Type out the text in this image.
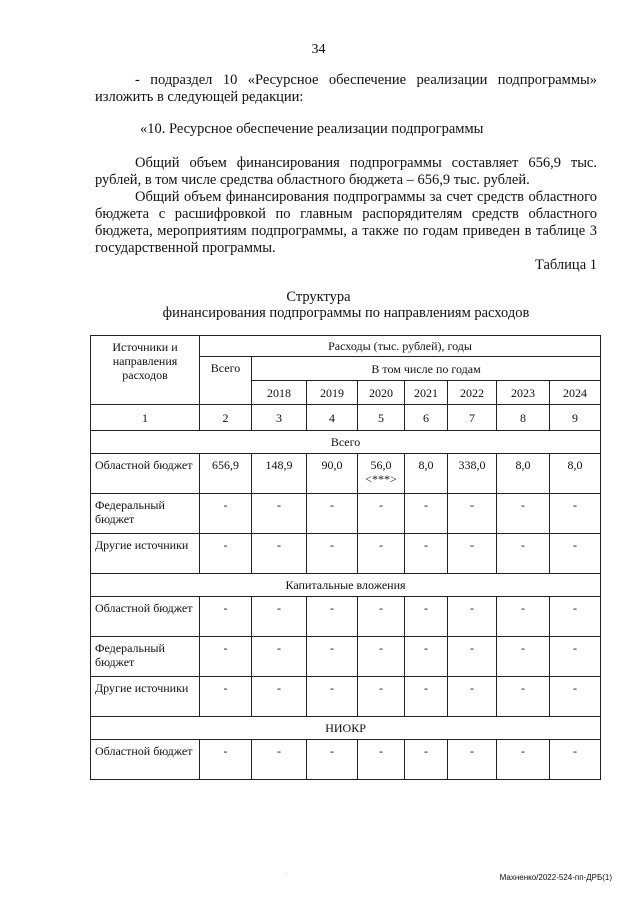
34
- подраздел 10 «Ресурсное обеспечение реализации подпрограммы» изложить в следующей редакции:
«10. Ресурсное обеспечение реализации подпрограммы
Общий объем финансирования подпрограммы составляет 656,9 тыс. рублей, в том числе средства областного бюджета – 656,9 тыс. рублей.
Общий объем финансирования подпрограммы за счет средств областного бюджета с расшифровкой по главным распорядителям средств областного бюджета, мероприятиям подпрограммы, а также по годам приведен в таблице 3 государственной программы.
Таблица 1
Структура
финансирования подпрограммы по направлениям расходов
Источники и направления расходов	Расходы (тыс. рублей), годы							
	Всего	В том числе по годам						
		2018	2019	2020	2021	2022	2023	2024
1	2	3	4	5	6	7	8	9
Всего								
Областной бюджет	656,9	148,9	90,0	56,0 <***>	8,0	338,0	8,0	8,0
Федеральный бюджет	-	-	-	-	-	-	-	-
Другие источники	-	-	-	-	-	-	-	-
Капитальные вложения								
Областной бюджет	-	-	-	-	-	-	-	-
Федеральный бюджет	-	-	-	-	-	-	-	-
Другие источники	-	-	-	-	-	-	-	-
НИОКР								
Областной бюджет	-	-	-	-	-	-	-	-
·	Махненко/2022-524-пп-ДРБ(1)
